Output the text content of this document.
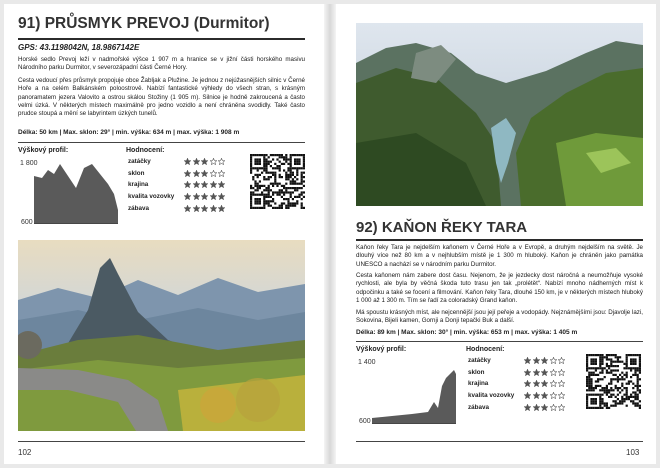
91) PRŮSMYK PREVOJ (Durmitor)
GPS: 43.1198042N, 18.9867142E

Horské sedlo Prevoj leží v nadmořské výšce 1 907 m a hranice se v jižní části horského masivu Národního parku Durmitor, v severozápadní části Černé Hory.

Cesta vedoucí přes průsmyk propojuje obce Žabljak a Plužine. Je jednou z nejúžasnějších silnic v Černé Hoře a na celém Balkánském poloostrově. Nabízí fantastické výhledy do všech stran, s krásným panoramatem jezera Valovito a ostrou skálou Stožiny (1 905 m). Silnice je hodně zakroucená a často velmi úzká. V některých místech maximálně pro jedno vozidlo a není chráněna svodidly. Také často prudce stoupá a mění se labyrintem úzkých tunelů.

Délka: 50 km | Max. sklon: 29° | min. výška: 634 m | max. výška: 1 908 m
Výškový profil:
1 800
600
Hodnocení:
zatáčky
sklon
krajina
kvalita vozovky
zábava
102
92) KAŇON ŘEKY TARA

Kaňon řeky Tara je nejdelším kaňonem v Černé Hoře a v Evropě, a druhým nejdelším na světě. Je dlouhý více než 80 km a v nejhlubším místě je 1 300 m hluboký. Kaňon je chráněn jako památka UNESCO a nachází se v národním parku Durmitor.

Cesta kaňonem nám zabere dost času. Nejenom, že je jezdecky dost náročná a neumožňuje vysoké rychlosti, ale byla by věčná škoda tuto trasu jen tak „prolétět“. Nabízí mnoho nádherných míst k odpočinku a také se focení a filmování. Kaňon řeky Tara, dlouhé 150 km, je v některých místech hluboký 1 000 až 1 300 m. Tím se řadí za coloradský Grand kaňon.

Má spoustu krásných míst, ale nejcennější jsou její peřeje a vodopády. Nejznámějšími jsou: Djavolje lazi, Sokovina, Bijeli kamen, Gornji a Donji tepački Buk a další.

Délka: 89 km | Max. sklon: 30° | min. výška: 653 m | max. výška: 1 405 m
Výškový profil:
1 400
600
Hodnocení:
zatáčky
sklon
krajina
kvalita vozovky
zábava
103
